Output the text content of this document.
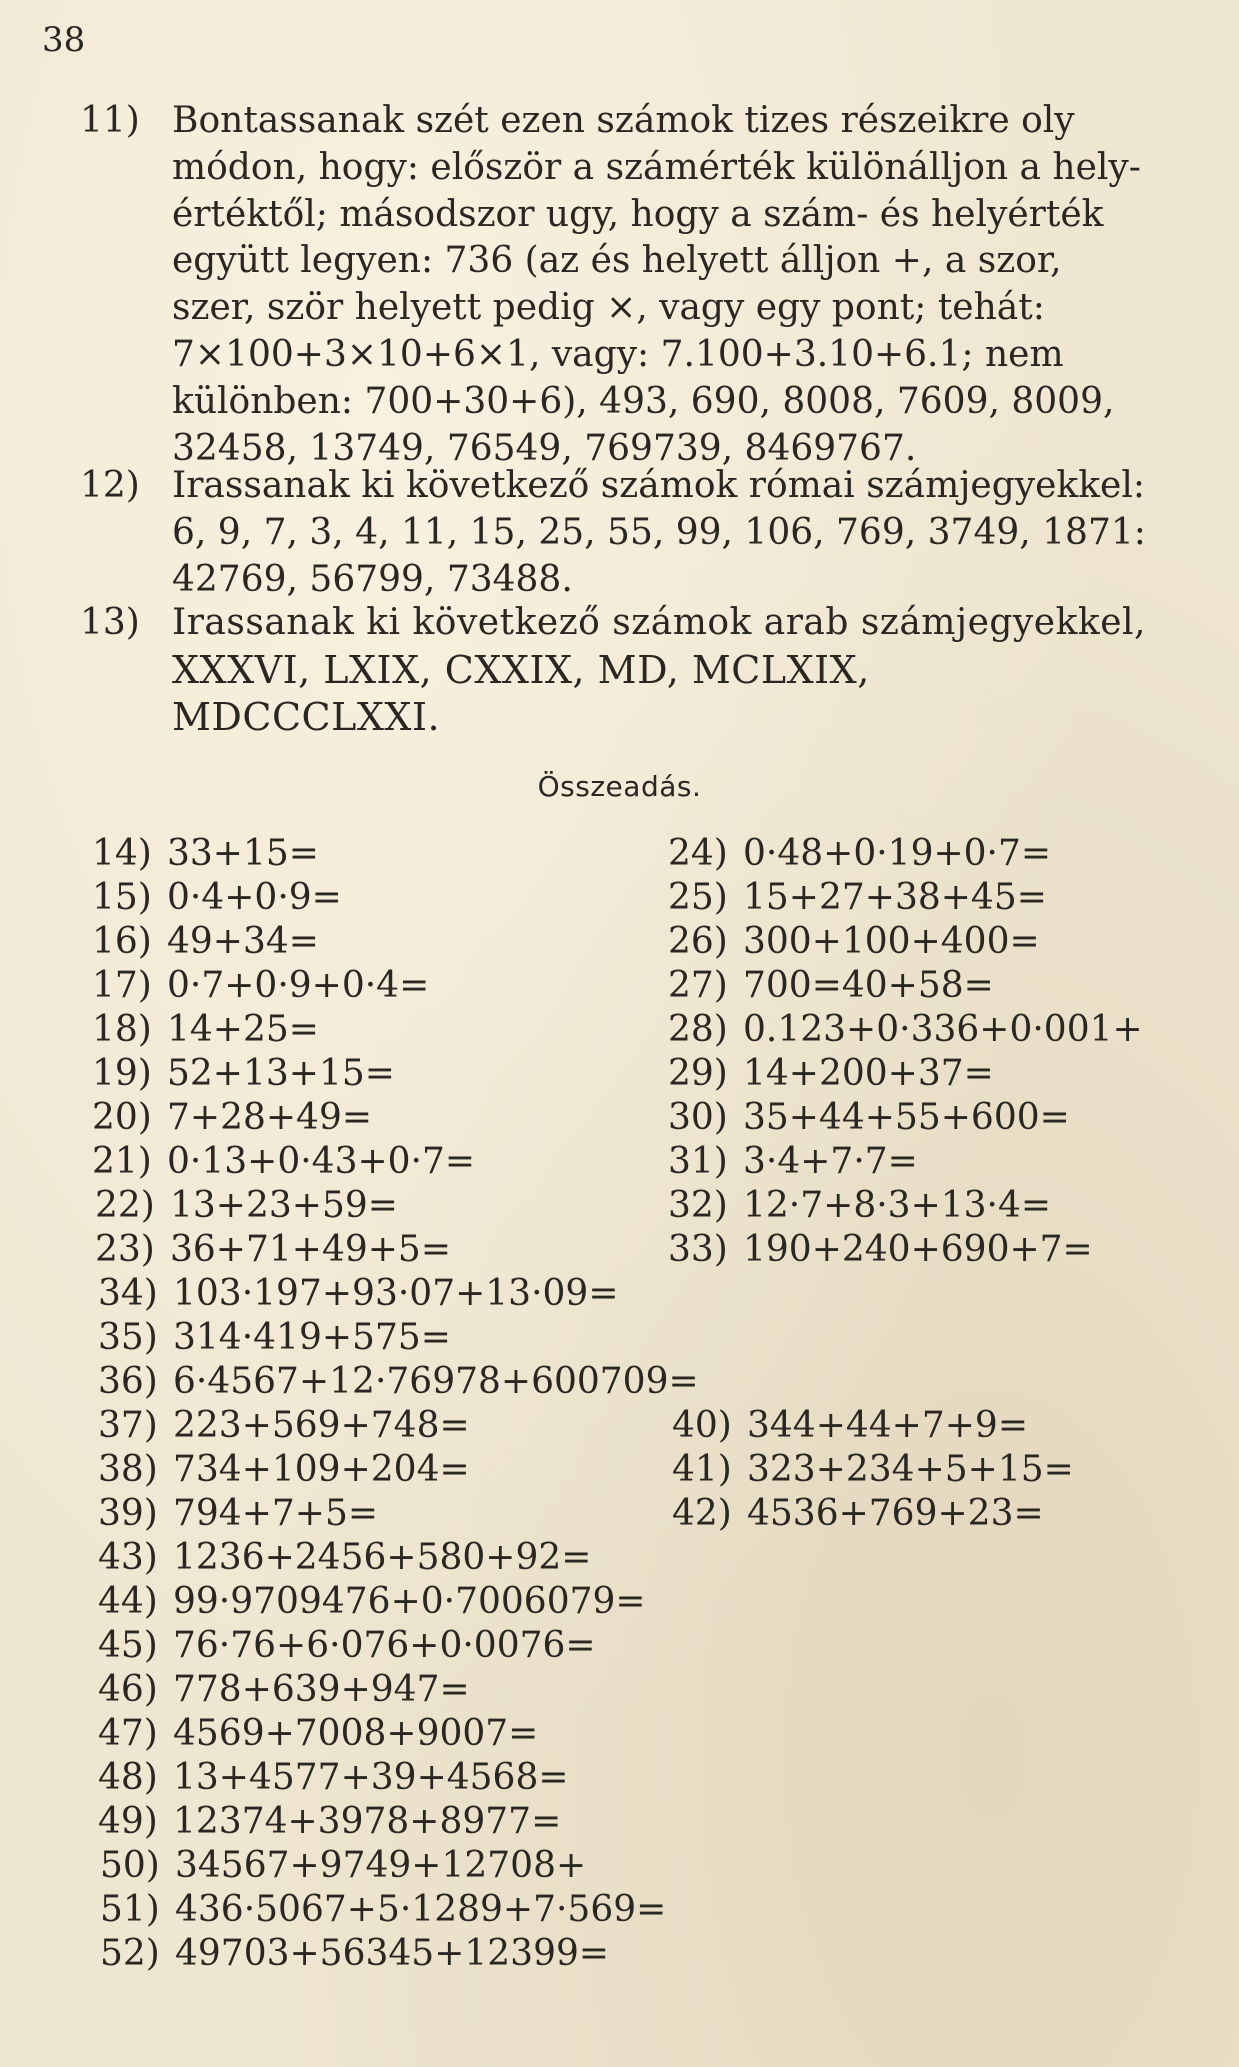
38
11) Bontassanak szét ezen számok tizes részeikre oly
módon, hogy: először a számérték különálljon a hely-
értéktől; másodszor ugy, hogy a szám- és helyérték
együtt legyen: 736 (az és helyett álljon +, a szor,
szer, ször helyett pedig ×, vagy egy pont; tehát:
7×100+3×10+6×1, vagy: 7.100+3.10+6.1; nem
különben: 700+30+6), 493, 690, 8008, 7609, 8009,
32458, 13749, 76549, 769739, 8469767.
12) Irassanak ki következő számok római számjegyekkel:
6, 9, 7, 3, 4, 11, 15, 25, 55, 99, 106, 769, 3749, 1871:
42769, 56799, 73488.
13) Irassanak ki következő számok arab számjegyekkel,
XXXVI, LXIX, CXXIX, MD, MCLXIX,
MDCCCLXXI.
Összeadás.
14) 33+15=
15) 0·4+0·9=
16) 49+34=
17) 0·7+0·9+0·4=
18) 14+25=
19) 52+13+15=
20) 7+28+49=
21) 0·13+0·43+0·7=
22) 13+23+59=
23) 36+71+49+5=
34) 103·197+93·07+13·09=
35) 314·419+575=
36) 6·4567+12·76978+600709=
37) 223+569+748=
38) 734+109+204=
39) 794+7+5=
43) 1236+2456+580+92=
44) 99·9709476+0·7006079=
45) 76·76+6·076+0·0076=
46) 778+639+947=
47) 4569+7008+9007=
48) 13+4577+39+4568=
49) 12374+3978+8977=
50) 34567+9749+12708+
51) 436·5067+5·1289+7·569=
52) 49703+56345+12399=
24) 0·48+0·19+0·7=
25) 15+27+38+45=
26) 300+100+400=
27) 700=40+58=
28) 0.123+0·336+0·001+
29) 14+200+37=
30) 35+44+55+600=
31) 3·4+7·7=
32) 12·7+8·3+13·4=
33) 190+240+690+7=
40) 344+44+7+9=
41) 323+234+5+15=
42) 4536+769+23=
